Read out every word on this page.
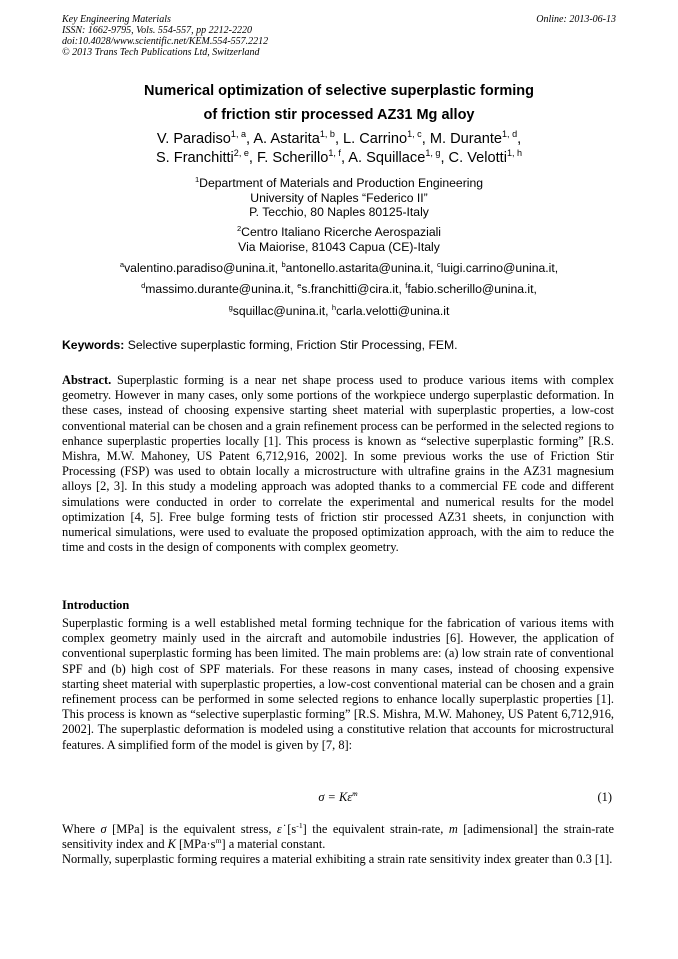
Key Engineering Materials
ISSN: 1662-9795, Vols. 554-557, pp 2212-2220
doi:10.4028/www.scientific.net/KEM.554-557.2212
© 2013 Trans Tech Publications Ltd, Switzerland
Online: 2013-06-13
Numerical optimization of selective superplastic forming
of friction stir processed AZ31 Mg alloy
V. Paradiso$^{1, a}$, A. Astarita$^{1, b}$, L. Carrino$^{1, c}$, M. Durante$^{1, d}$,
S. Franchitti$^{2, e}$, F. Scherillo$^{1, f}$, A. Squillace$^{1, g}$, C. Velotti$^{1, h}$
$^1$Department of Materials and Production Engineering
University of Naples “Federico II”
P. Tecchio, 80 Naples 80125-Italy
$^2$Centro Italiano Ricerche Aerospaziali
Via Maiorise, 81043 Capua (CE)-Italy
$^a$valentino.paradiso@unina.it, $^b$antonello.astarita@unina.it, $^c$luigi.carrino@unina.it,
$^d$massimo.durante@unina.it, $^e$s.franchitti@cira.it, $^f$fabio.scherillo@unina.it,
$^g$squillac@unina.it, $^h$carla.velotti@unina.it
Keywords: Selective superplastic forming, Friction Stir Processing, FEM.
Abstract. Superplastic forming is a near net shape process used to produce various items with complex geometry. However in many cases, only some portions of the workpiece undergo superplastic deformation. In these cases, instead of choosing expensive starting sheet material with superplastic properties, a low-cost conventional material can be chosen and a grain refinement process can be performed in the selected regions to enhance superplastic properties locally [1]. This process is known as “selective superplastic forming” [R.S. Mishra, M.W. Mahoney, US Patent 6,712,916, 2002]. In some previous works the use of Friction Stir Processing (FSP) was used to obtain locally a microstructure with ultrafine grains in the AZ31 magnesium alloys [2, 3]. In this study a modeling approach was adopted thanks to a commercial FE code and different simulations were conducted in order to correlate the experimental and numerical results for the model optimization [4, 5]. Free bulge forming tests of friction stir processed AZ31 sheets, in conjunction with numerical simulations, were used to evaluate the proposed optimization approach, with the aim to reduce the time and costs in the design of components with complex geometry.
Introduction
Superplastic forming is a well established metal forming technique for the fabrication of various items with complex geometry mainly used in the aircraft and automobile industries [6]. However, the application of conventional superplastic forming has been limited. The main problems are: (a) low strain rate of conventional SPF and (b) high cost of SPF materials. For these reasons in many cases, instead of choosing expensive starting sheet material with superplastic properties, a low-cost conventional material can be chosen and a grain refinement process can be performed in some selected regions to enhance locally superplastic properties [1]. This process is known as “selective superplastic forming” [R.S. Mishra, M.W. Mahoney, US Patent 6,712,916, 2002]. The superplastic deformation is modeled using a constitutive relation that accounts for microstructural features. A simplified form of the model is given by [7, 8]:
σ = Kε̇$^m$	(1)
Where σ [MPa] is the equivalent stress, ε̇ $[s^{-1}]$ the equivalent strain-rate, m [adimensional] the strain-rate sensitivity index and K $[MPa\cdot s^m]$ a material constant.
Normally, superplastic forming requires a material exhibiting a strain rate sensitivity index greater than 0.3 [1].
